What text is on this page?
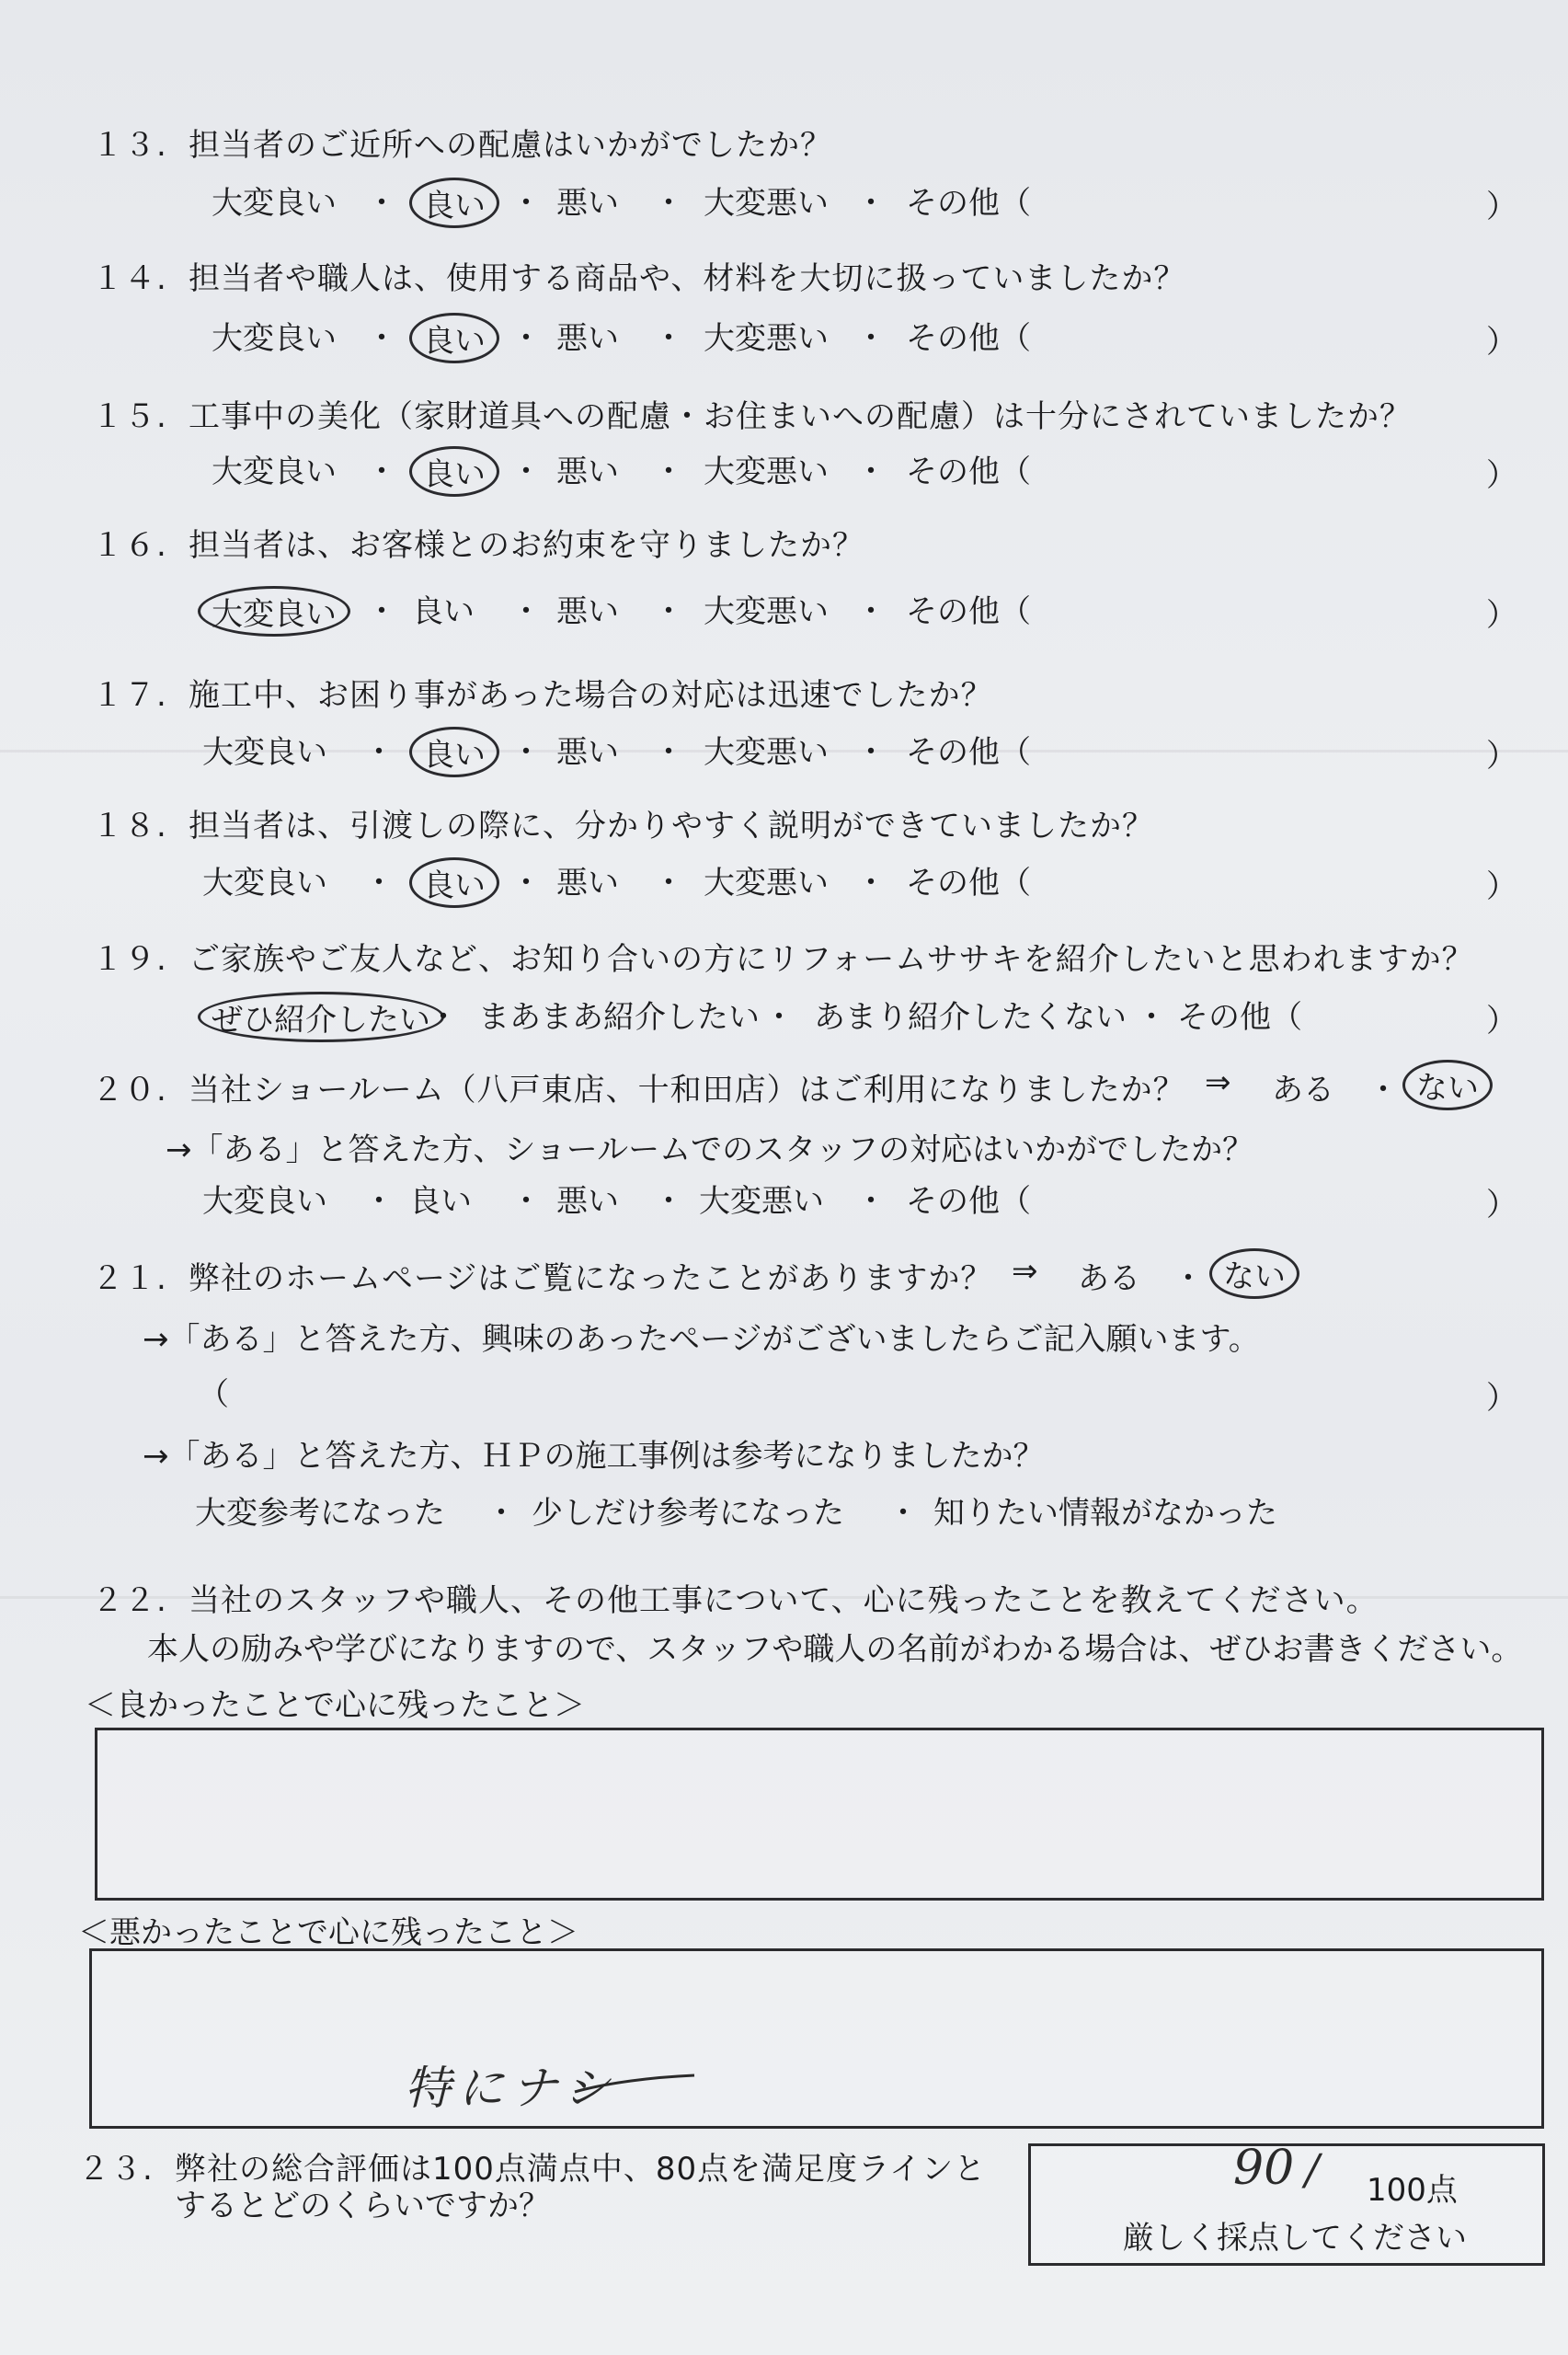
１３. 担当者のご近所への配慮はいかがでしたか？
大変良い ・ 良い ・ 悪い ・ 大変悪い ・ その他（	）
１４. 担当者や職人は、使用する商品や、材料を大切に扱っていましたか？
大変良い ・ 良い ・ 悪い ・ 大変悪い ・ その他（	）
１５. 工事中の美化（家財道具への配慮・お住まいへの配慮）は十分にされていましたか？
大変良い ・ 良い ・ 悪い ・ 大変悪い ・ その他（	）
１６. 担当者は、お客様とのお約束を守りましたか？
大変良い ・ 良い ・ 悪い ・ 大変悪い ・ その他（	）
１７. 施工中、お困り事があった場合の対応は迅速でしたか？
大変良い ・ 良い ・ 悪い ・ 大変悪い ・ その他（	）
１８. 担当者は、引渡しの際に、分かりやすく説明ができていましたか？
大変良い ・ 良い ・ 悪い ・ 大変悪い ・ その他（	）
１９. ご家族やご友人など、お知り合いの方にリフォームササキを紹介したいと思われますか？
ぜひ紹介したい
・ まあまあ紹介したい ・ あまり紹介したくない ・ その他（	）
２０. 当社ショールーム（八戸東店、十和田店）はご利用になりましたか？ ⇒ ある ・ ない
→「ある」と答えた方、ショールームでのスタッフの対応はいかがでしたか？
大変良い ・ 良い ・ 悪い ・ 大変悪い ・ その他（	）
２１. 弊社のホームページはご覧になったことがありますか？ ⇒ ある ・ ない
→「ある」と答えた方、興味のあったページがございましたらご記入願います。
（	）
→「ある」と答えた方、ＨＰの施工事例は参考になりましたか？
大変参考になった ・ 少しだけ参考になった ・ 知りたい情報がなかった
２２. 当社のスタッフや職人、その他工事について、心に残ったことを教えてください。
本人の励みや学びになりますので、スタッフや職人の名前がわかる場合は、ぜひお書きください。
＜良かったことで心に残ったこと＞
＜悪かったことで心に残ったこと＞
特にナシ
２３. 弊社の総合評価は100点満点中、80点を満足度ラインと
するとどのくらいですか？
90 / 100点
厳しく採点してください
